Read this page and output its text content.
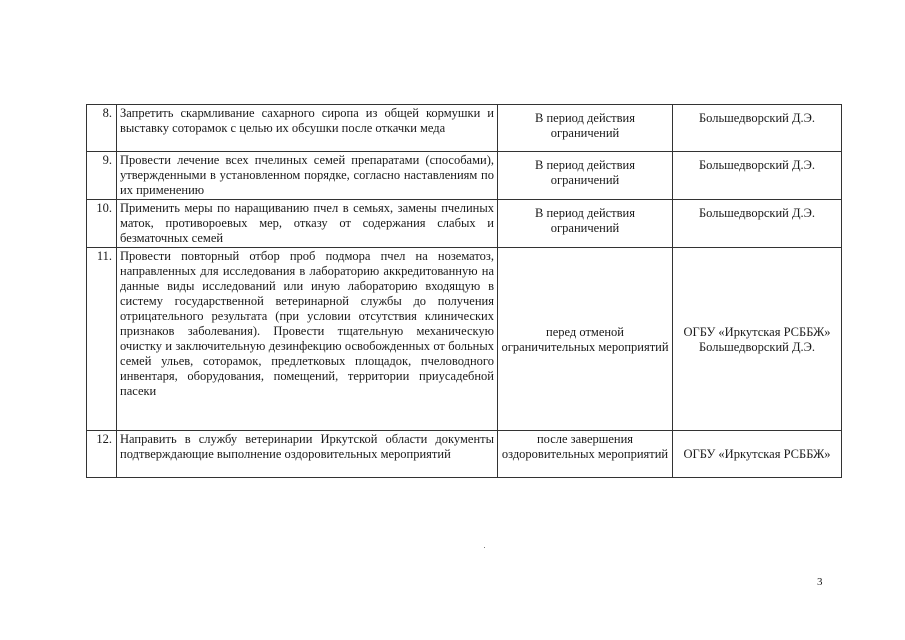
8.	Запретить скармливание сахарного сиропа из общей кормушки и выставку соторамок с целью их обсушки после откачки меда	В период действия ограничений	Большедворский Д.Э.
9.	Провести лечение всех пчелиных семей препаратами (способами), утвержденными в установленном порядке, согласно наставлениям по их применению	В период действия ограничений	Большедворский Д.Э.
10.	Применить меры по наращиванию пчел в семьях, замены пчелиных маток, противороевых мер, отказу от содержания слабых и безматочных семей	В период действия ограничений	Большедворский Д.Э.
11.	Провести повторный отбор проб подмора пчел на нозематоз, направленных для исследования в лабораторию аккредитованную на данные виды исследований или иную лабораторию входящую в систему государственной ветеринарной службы до получения отрицательного результата (при условии отсутствия клинических признаков заболевания). Провести тщательную механическую очистку и заключительную дезинфекцию освобожденных от больных семей ульев, сотoрамок, предлетковых площадок, пчеловодного инвентаря, оборудования, помещений, территории приусадебной пасеки	перед отменой ограничительных мероприятий	ОГБУ «Иркутская РСББЖ» Большедворский Д.Э.
12.	Направить в службу ветеринарии Иркутской области документы подтверждающие выполнение оздоровительных мероприятий	после завершения оздоровительных мероприятий	ОГБУ «Иркутская РСББЖ»
3
